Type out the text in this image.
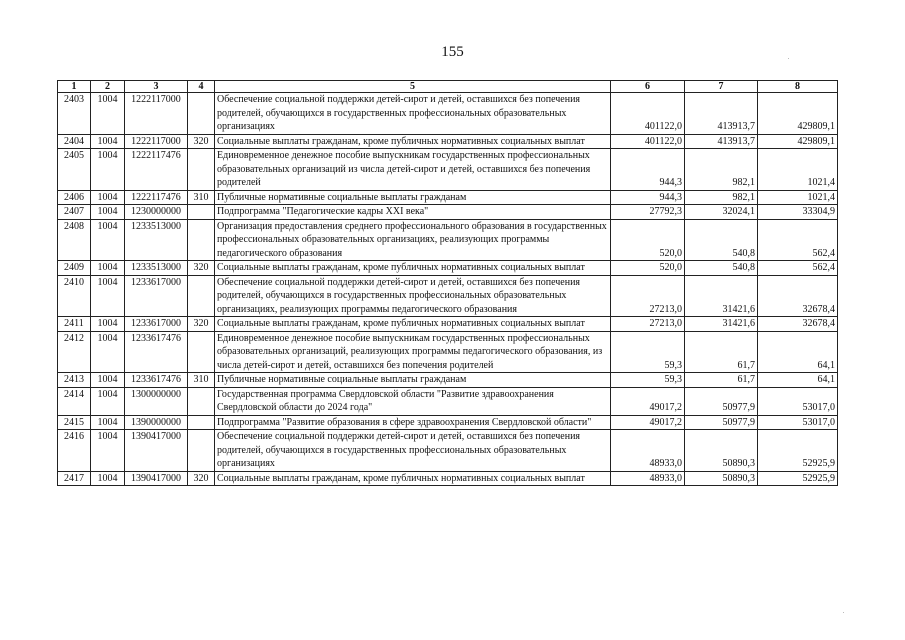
155
1	2	3	4	5	6	7	8
2403	1004	1222117000		Обеспечение социальной поддержки детей-сирот и детей, оставшихся без попечения родителей, обучающихся в государственных профессиональных образовательных организациях	401122,0	413913,7	429809,1
2404	1004	1222117000	320	Социальные выплаты гражданам, кроме публичных нормативных социальных выплат	401122,0	413913,7	429809,1
2405	1004	1222117476		Единовременное денежное пособие выпускникам государственных профессиональных образовательных организаций из числа детей-сирот и детей, оставшихся без попечения родителей	944,3	982,1	1021,4
2406	1004	1222117476	310	Публичные нормативные социальные выплаты гражданам	944,3	982,1	1021,4
2407	1004	1230000000		Подпрограмма "Педагогические кадры XXI века"	27792,3	32024,1	33304,9
2408	1004	1233513000		Организация предоставления среднего профессионального образования в государственных профессиональных образовательных организациях, реализующих программы педагогического образования	520,0	540,8	562,4
2409	1004	1233513000	320	Социальные выплаты гражданам, кроме публичных нормативных социальных выплат	520,0	540,8	562,4
2410	1004	1233617000		Обеспечение социальной поддержки детей-сирот и детей, оставшихся без попечения родителей, обучающихся в государственных профессиональных образовательных организациях, реализующих программы педагогического образования	27213,0	31421,6	32678,4
2411	1004	1233617000	320	Социальные выплаты гражданам, кроме публичных нормативных социальных выплат	27213,0	31421,6	32678,4
2412	1004	1233617476		Единовременное денежное пособие выпускникам государственных профессиональных образовательных организаций, реализующих программы педагогического образования, из числа детей-сирот и детей, оставшихся без попечения родителей	59,3	61,7	64,1
2413	1004	1233617476	310	Публичные нормативные социальные выплаты гражданам	59,3	61,7	64,1
2414	1004	1300000000		Государственная программа Свердловской области "Развитие здравоохранения Свердловской области до 2024 года"	49017,2	50977,9	53017,0
2415	1004	1390000000		Подпрограмма "Развитие образования в сфере здравоохранения Свердловской области"	49017,2	50977,9	53017,0
2416	1004	1390417000		Обеспечение социальной поддержки детей-сирот и детей, оставшихся без попечения родителей, обучающихся в государственных профессиональных образовательных организациях	48933,0	50890,3	52925,9
2417	1004	1390417000	320	Социальные выплаты гражданам, кроме публичных нормативных социальных выплат	48933,0	50890,3	52925,9
